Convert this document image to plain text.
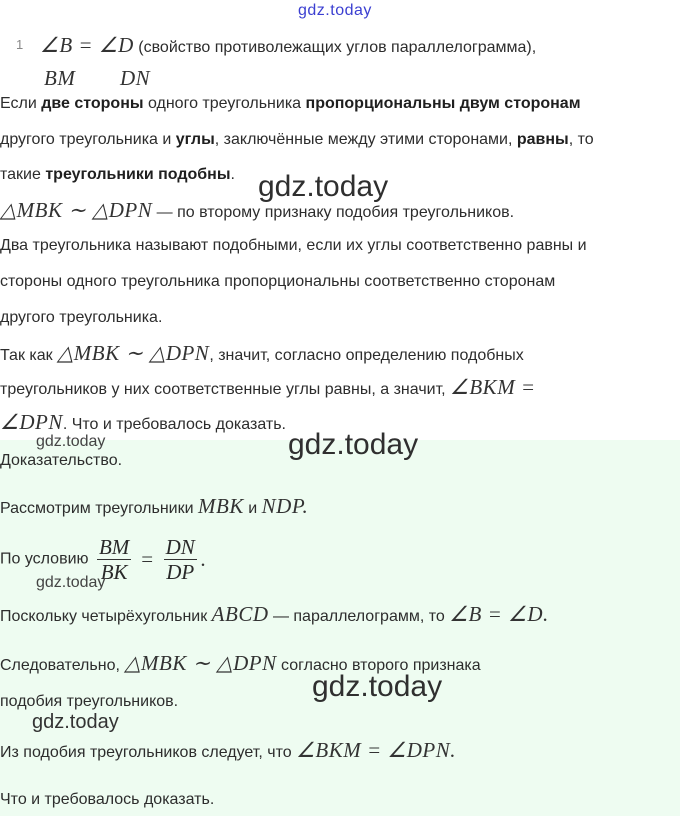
gdz.today
1 ∠B = ∠D (свойство противолежащих углов параллелограмма),
BM DN
Если две стороны одного треугольника пропорциональны двум сторонам
другого треугольника и углы, заключённые между этими сторонами, равны, то
такие треугольники подобны. gdz.today
△MBK ∼ △DPN — по второму признаку подобия треугольников.
Два треугольника называют подобными, если их углы соответственно равны и
стороны одного треугольника пропорциональны соответственно сторонам
другого треугольника.
Так как △MBK ∼ △DPN, значит, согласно определению подобных
треугольников у них соответственные углы равны, а значит, ∠BKM =
∠DPN. Что и требовалось доказать.
gdz.today	gdz.today
Доказательство.
Рассмотрим треугольники MBK и NDP.
По условию $\frac{BM}{BK} = \frac{DN}{DP}$ .
gdz.today
Поскольку четырёхугольник ABCD — параллелограмм, то ∠B = ∠D.
Следовательно, △MBK ∼ △DPN согласно второго признака
подобия треугольников.	gdz.today
gdz.today
Из подобия треугольников следует, что ∠BKM = ∠DPN.
Что и требовалось доказать.
